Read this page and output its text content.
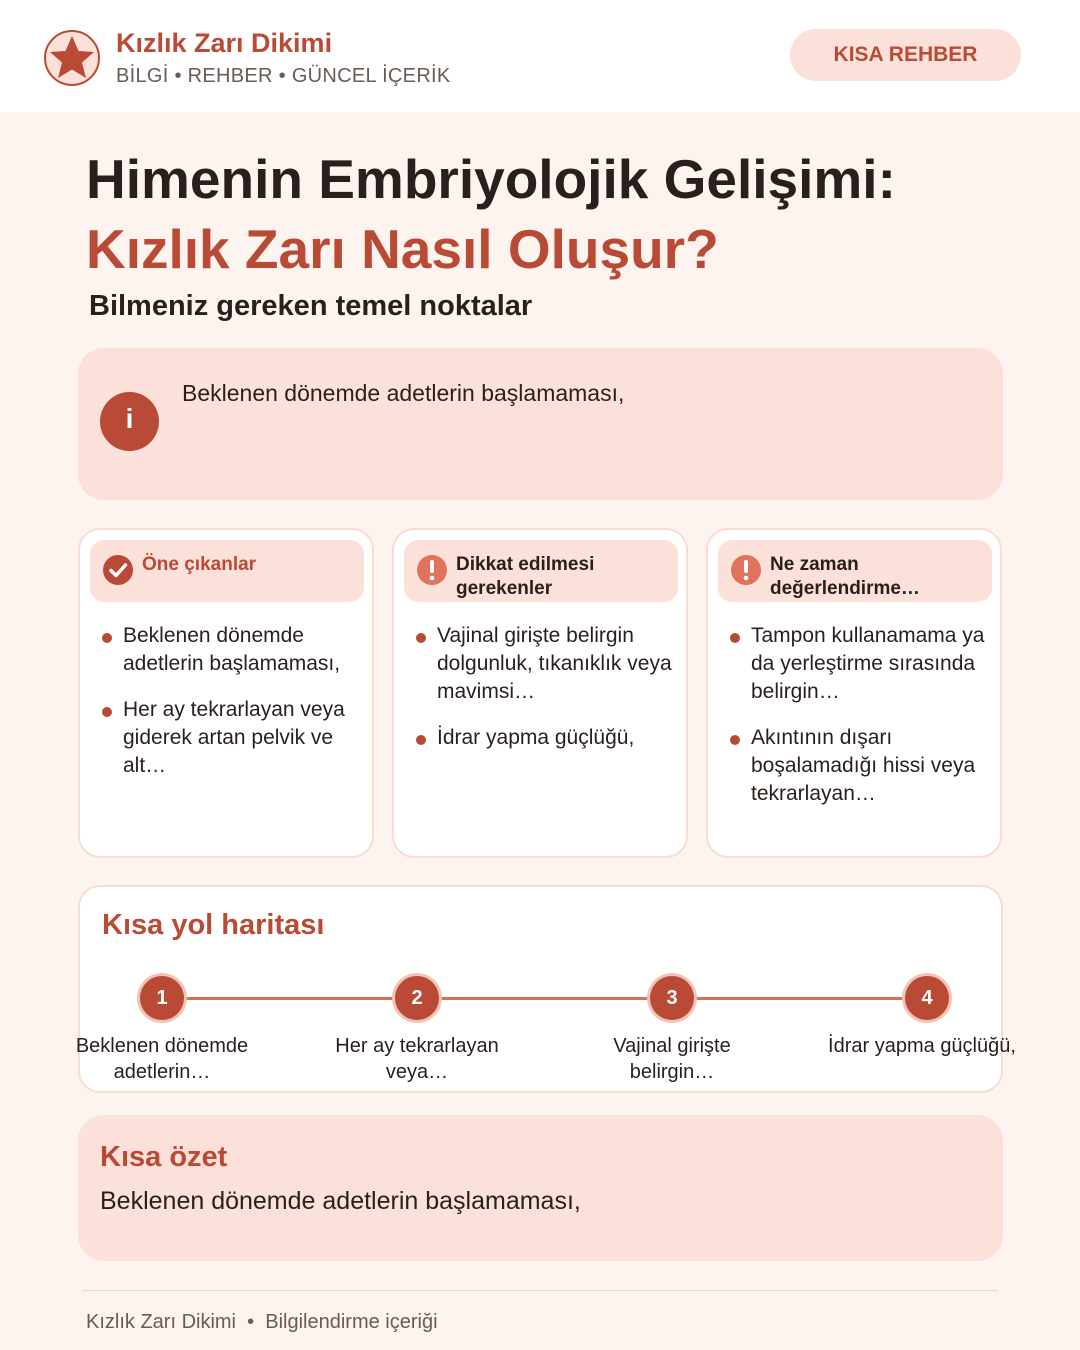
Kızlık Zarı Dikimi
BİLGİ • REHBER • GÜNCEL İÇERİK
KISA REHBER
Himenin Embriyolojik Gelişimi:
Kızlık Zarı Nasıl Oluşur?
Bilmeniz gereken temel noktalar
i
Beklenen dönemde adetlerin başlamaması,
Öne çıkanlar
Beklenen dönemde adetlerin başlamaması,
Her ay tekrarlayan veya giderek artan pelvik ve alt…
Dikkat edilmesi gerekenler
Vajinal girişte belirgin dolgunluk, tıkanıklık veya mavimsi…
İdrar yapma güçlüğü,
Ne zaman değerlendirme…
Tampon kullanamama ya da yerleştirme sırasında belirgin…
Akıntının dışarı boşalamadığı hissi veya tekrarlayan…
Kısa yol haritası
1	2	3	4
Beklenen dönemde adetlerin…
Her ay tekrarlayan veya…
Vajinal girişte belirgin…
İdrar yapma güçlüğü,
Kısa özet
Beklenen dönemde adetlerin başlamaması,
Kızlık Zarı Dikimi  •  Bilgilendirme içeriği
